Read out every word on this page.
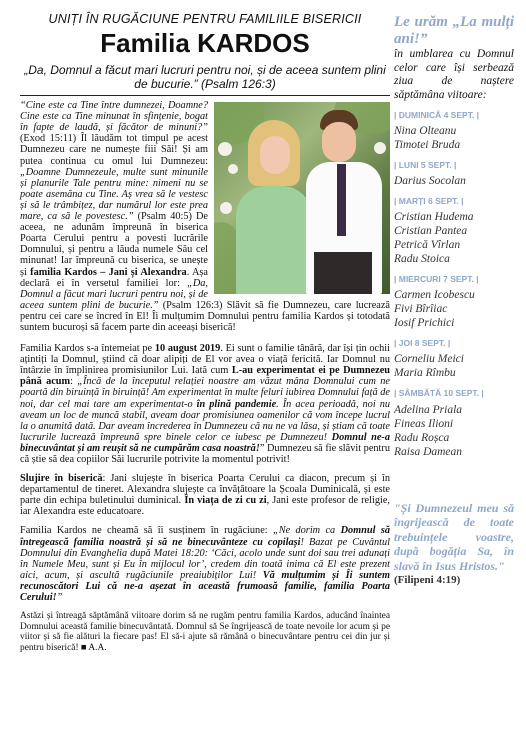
UNIȚI ÎN RUGĂCIUNE PENTRU FAMILIILE BISERICII

Familia KARDOS

„Da, Domnul a făcut mari lucruri pentru noi, și de aceea suntem plini de bucurie.” (Psalm 126:3)

“Cine este ca Tine între dumnezei, Doamne? Cine este ca Tine minunat în sfințenie, bogat în fapte de laudă, și făcător de minuni?” (Exod 15:11) Îl lăudăm tot timpul pe acest Dumnezeu care ne numește fiii Săi! Și am putea continua cu omul lui Dumnezeu: „Doamne Dumnezeule, multe sunt minunile și planurile Tale pentru mine: nimeni nu se poate asemăna cu Tine. Aș vrea să le vestesc și să le trâmbițez, dar numărul lor este prea mare, ca să le povestesc.” (Psalm 40:5) De aceea, ne adunăm împreună în biserica Poarta Cerului pentru a povesti lucrările Domnului, și pentru a lăuda numele Său cel minunat! Iar împreună cu biserica, se unește și familia Kardos – Jani și Alexandra. Așa declară ei în versetul familiei lor: „Da, Domnul a făcut mari lucruri pentru noi, și de aceea suntem plini de bucurie.” (Psalm 126:3) Slăvit să fie Dumnezeu, care lucrează pentru cei care se încred în El! Îi mulțumim Domnului pentru familia Kardos și totodată suntem bucuroși să facem parte din aceeași biserică!

Familia Kardos s-a întemeiat pe 10 august 2019. Ei sunt o familie tânără, dar își țin ochii ațintiți la Domnul, știind că doar alipiți de El vor avea o viață fericită. Iar Domnul nu întârzie în împlinirea promisiunilor Lui. Iată cum L-au experimentat ei pe Dumnezeu până acum: „Încă de la începutul relației noastre am văzut mâna Domnului cum ne poartă din biruință în biruință! Am experimentat în multe feluri iubirea Domnului față de noi, dar cel mai tare am experimentat-o în plină pandemie. În acea perioadă, noi nu aveam un loc de muncă stabil, aveam doar promisiunea oamenilor că vom începe lucrul la o anumită dată. Dar aveam încrederea în Dumnezeu că nu ne va lăsa, și știam că toate lucrurile lucrează împreună spre binele celor ce iubesc pe Dumnezeu! Domnul ne-a binecuvântat și am reușit să ne cumpărăm casa noastră!” Dumnezeu să fie slăvit pentru că știe să dea copiilor Săi lucrurile potrivite la momentul potrivit!

Slujire în biserică: Jani slujește în biserica Poarta Cerului ca diacon, precum și în departamentul de tineret. Alexandra slujește ca învățătoare la Școala Duminicală, și este parte din echipa buletinului duminical. În viața de zi cu zi, Jani este profesor de religie, iar Alexandra este educatoare.

Familia Kardos ne cheamă să îi susținem în rugăciune: „Ne dorim ca Domnul să întregească familia noastră și să ne binecuvânteze cu copilași! Bazat pe Cuvântul Domnului din Evanghelia după Matei 18:20: ‘Căci, acolo unde sunt doi sau trei adunați în Numele Meu, sunt și Eu în mijlocul lor’, credem din toată inima că El este prezent aici, acum, și ascultă rugăciunile preaiubiților Lui! Vă mulțumim și Îi suntem recunoscători Lui că ne-a așezat în această frumoasă familie, familia Poarta Cerului!”

Astăzi și întreagă săptămână viitoare dorim să ne rugăm pentru familia Kardos, aducând înaintea Domnului această familie binecuvântată. Domnul să Se îngrijească de toate nevoile lor acum și pe viitor și să fie alături la fiecare pas! El să-i ajute să rămână o binecuvântare pentru cei din jur și pentru biserică! ■ A.A.

Le urăm „La mulți ani!”

în umblarea cu Domnul celor care își serbează ziua de naștere săptămâna viitoare:

| DUMINICĂ 4 SEPT. |

Nina Olteanu

Timotei Bruda

| LUNI 5 SEPT. |

Darius Socolan

| MARȚI 6 SEPT. |

Cristian Hudema

Cristian Pantea

Petrică Vîrlan

Radu Stoica

| MIERCURI 7 SEPT. |

Carmen Icobescu

Fivi Bîrîiac

Iosif Prichici

| JOI 8 SEPT. |

Corneliu Meici

Maria Rîmbu

| SÂMBĂTĂ 10 SEPT. |

Adelina Priala

Fineas Ilioni

Radu Roșca

Raisa Damean

"Și Dumnezeul meu să îngrijească de toate trebuințele voastre, după bogăția Sa, în slavă în Isus Hristos."

(Filipeni 4:19)
